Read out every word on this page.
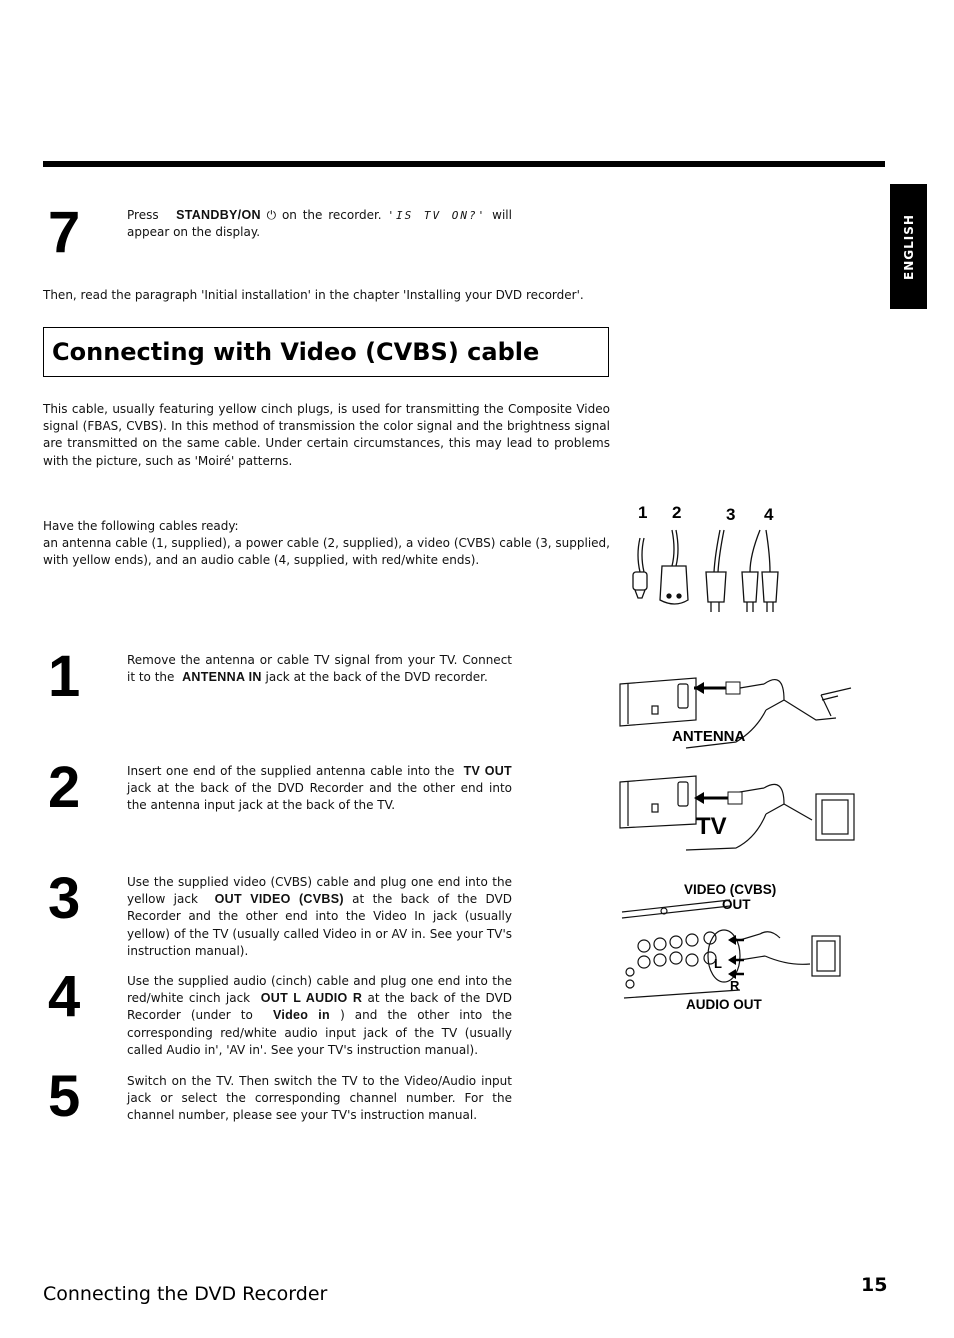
ENGLISH
7	Press STANDBY/ON ⏻ on the recorder. 'IS TV ON?' will appear on the display.
Then, read the paragraph 'Initial installation' in the chapter 'Installing your DVD recorder'.
Connecting with Video (CVBS) cable
This cable, usually featuring yellow cinch plugs, is used for transmitting the Composite Video signal (FBAS, CVBS). In this method of transmission the color signal and the brightness signal are transmitted on the same cable. Under certain circumstances, this may lead to problems with the picture, such as 'Moiré' patterns.
Have the following cables ready:
an antenna cable (1, supplied), a power cable (2, supplied), a video (CVBS) cable (3, supplied, with yellow ends), and an audio cable (4, supplied, with red/white ends).
1 2	3 4
1	Remove the antenna or cable TV signal from your TV. Connect it to the ANTENNA IN jack at the back of the DVD recorder.
ANTENNA
2	Insert one end of the supplied antenna cable into the TV OUT jack at the back of the DVD Recorder and the other end into the antenna input jack at the back of the TV.
TV
3	Use the supplied video (CVBS) cable and plug one end into the yellow jack OUT VIDEO (CVBS) at the back of the DVD Recorder and the other end into the Video In jack (usually yellow) of the TV (usually called Video in or AV in. See your TV's instruction manual).
VIDEO (CVBS)
OUT
L
R
AUDIO OUT
4	Use the supplied audio (cinch) cable and plug one end into the red/white cinch jack OUT L AUDIO R at the back of the DVD Recorder (under to Video in ) and the other into the corresponding red/white audio input jack of the TV (usually called Audio in', 'AV in'. See your TV's instruction manual).
5	Switch on the TV. Then switch the TV to the Video/Audio input jack or select the corresponding channel number. For the channel number, please see your TV's instruction manual.
Connecting the DVD Recorder	15
